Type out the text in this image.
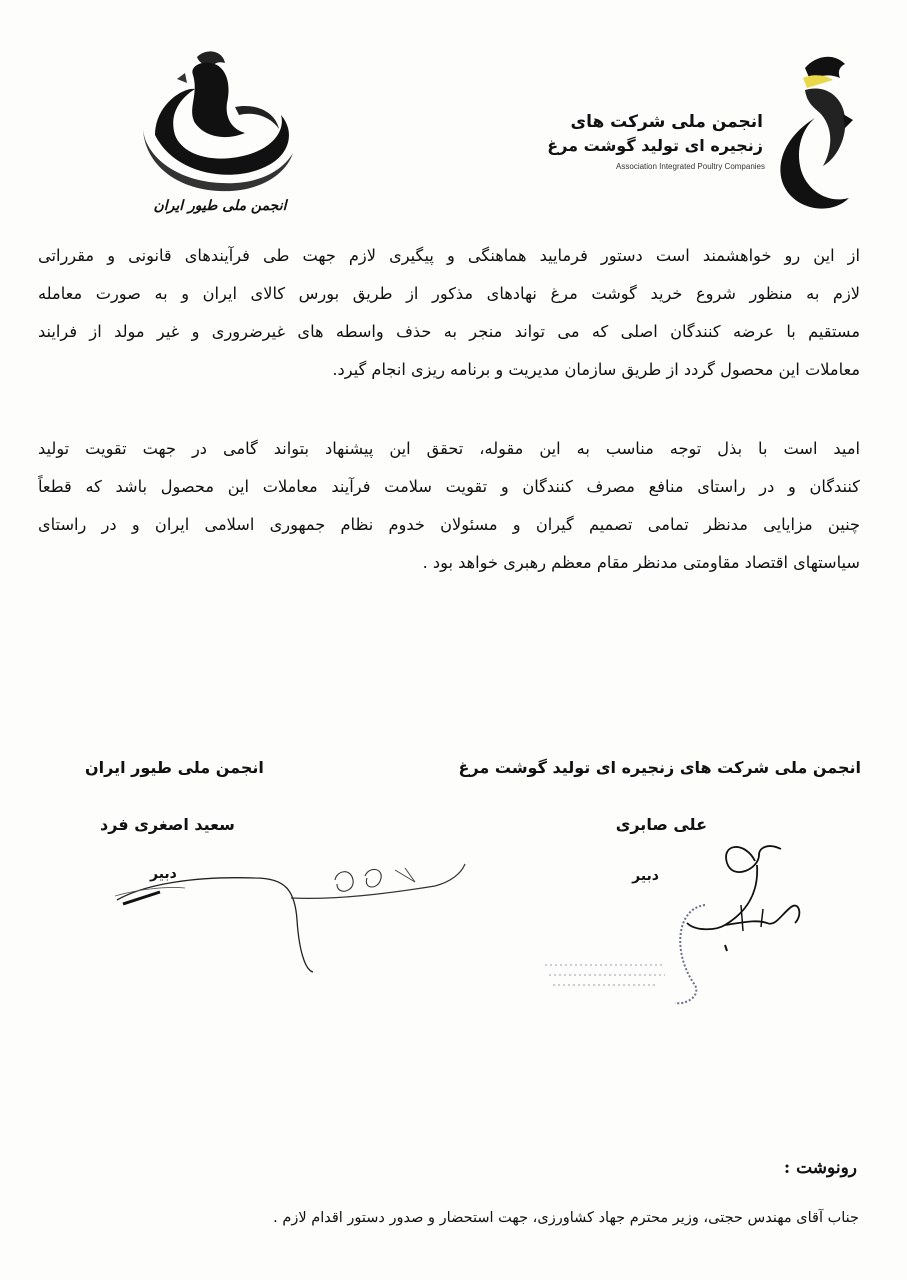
انجمن ملی شرکت های
زنجیره ای تولید گوشت مرغ
Association Integrated Poultry Companies
انجمن ملی طیور ایران
از این رو خواهشمند است دستور فرمایید هماهنگی و پیگیری لازم جهت طی فرآیندهای قانونی و مقرراتی
لازم به منظور شروع خرید گوشت مرغ نهادهای مذکور از طریق بورس کالای ایران و به صورت معامله
مستقیم با عرضه کنندگان اصلی که می تواند منجر به حذف واسطه های غیرضروری و غیر مولد از فرایند
معاملات این محصول گردد از طریق سازمان مدیریت و برنامه ریزی انجام گیرد.
امید است با بذل توجه مناسب به این مقوله، تحقق این پیشنهاد بتواند گامی در جهت تقویت تولید
کنندگان و در راستای منافع مصرف کنندگان و تقویت سلامت فرآیند معاملات این محصول باشد که قطعاً
چنین مزایایی مدنظر تمامی تصمیم گیران و مسئولان خدوم نظام جمهوری اسلامی ایران و در راستای
سیاستهای اقتصاد مقاومتی مدنظر مقام معظم رهبری خواهد بود .
انجمن ملی شرکت های زنجیره ای تولید گوشت مرغ
علی صابری
دبیر
انجمن ملی طیور ایران
سعید اصغری فرد
دبیر
رونوشت :
جناب آقای مهندس حجتی، وزیر محترم جهاد کشاورزی، جهت استحضار و صدور دستور اقدام لازم .
